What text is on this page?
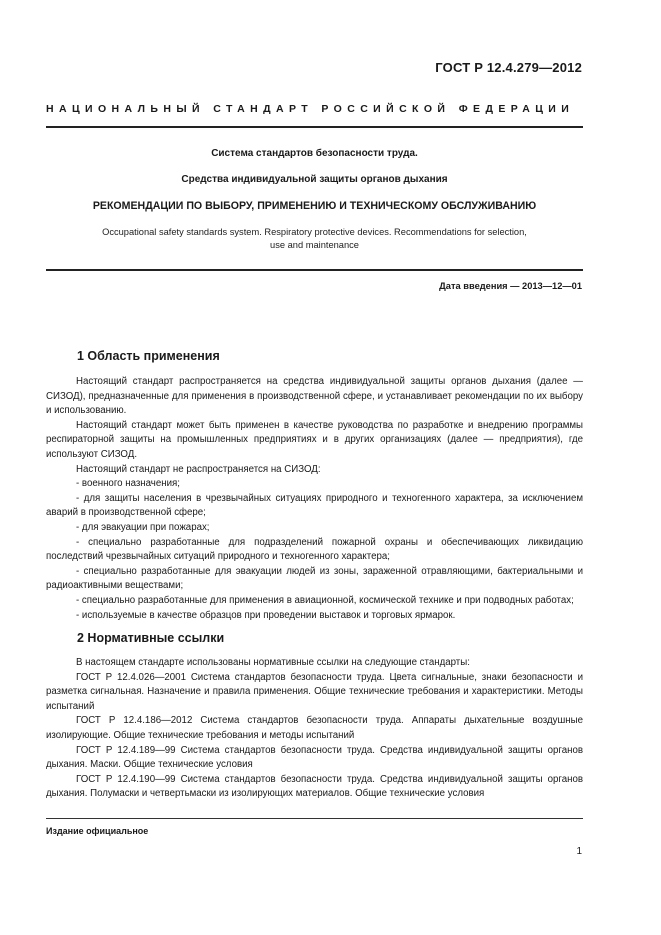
ГОСТ Р 12.4.279—2012
НАЦИОНАЛЬНЫЙ СТАНДАРТ РОССИЙСКОЙ ФЕДЕРАЦИИ
Система стандартов безопасности труда.
Средства индивидуальной защиты органов дыхания
РЕКОМЕНДАЦИИ ПО ВЫБОРУ, ПРИМЕНЕНИЮ И ТЕХНИЧЕСКОМУ ОБСЛУЖИВАНИЮ
Occupational safety standards system. Respiratory protective devices. Recommendations for selection,
use and maintenance
Дата введения — 2013—12—01
1 Область применения

Настоящий стандарт распространяется на средства индивидуальной защиты органов дыхания (далее — СИЗОД), предназначенные для применения в производственной сфере, и устанавливает рекомендации по их выбору и использованию.

Настоящий стандарт может быть применен в качестве руководства по разработке и внедрению программы респираторной защиты на промышленных предприятиях и в других организациях (далее — предприятия), где используют СИЗОД.

Настоящий стандарт не распространяется на СИЗОД:

- военного назначения;

- для защиты населения в чрезвычайных ситуациях природного и техногенного характера, за исключением аварий в производственной сфере;

- для эвакуации при пожарах;

- специально разработанные для подразделений пожарной охраны и обеспечивающих ликвидацию последствий чрезвычайных ситуаций природного и техногенного характера;

- специально разработанные для эвакуации людей из зоны, зараженной отравляющими, бактериальными и радиоактивными веществами;

- специально разработанные для применения в авиационной, космической технике и при подводных работах;

- используемые в качестве образцов при проведении выставок и торговых ярмарок.

2 Нормативные ссылки

В настоящем стандарте использованы нормативные ссылки на следующие стандарты:

ГОСТ Р 12.4.026—2001 Система стандартов безопасности труда. Цвета сигнальные, знаки безопасности и разметка сигнальная. Назначение и правила применения. Общие технические требования и характеристики. Методы испытаний

ГОСТ Р 12.4.186—2012 Система стандартов безопасности труда. Аппараты дыхательные воздушные изолирующие. Общие технические требования и методы испытаний

ГОСТ Р 12.4.189—99 Система стандартов безопасности труда. Средства индивидуальной защиты органов дыхания. Маски. Общие технические условия

ГОСТ Р 12.4.190—99 Система стандартов безопасности труда. Средства индивидуальной защиты органов дыхания. Полумаски и четвертьмаски из изолирующих материалов. Общие технические условия

Издание официальное
1
